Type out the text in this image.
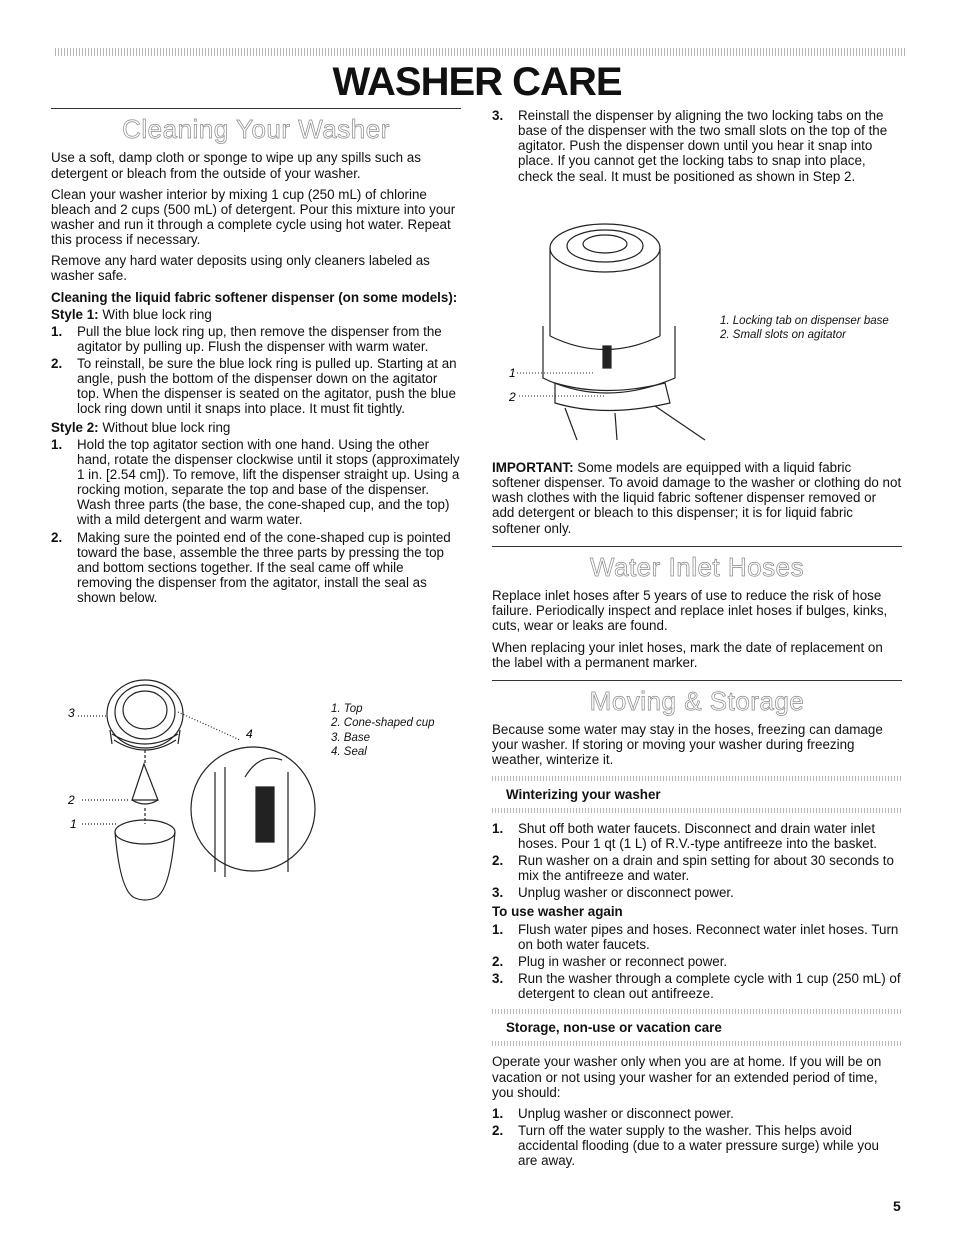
WASHER CARE
Cleaning Your Washer

Use a soft, damp cloth or sponge to wipe up any spills such as detergent or bleach from the outside of your washer.

Clean your washer interior by mixing 1 cup (250 mL) of chlorine bleach and 2 cups (500 mL) of detergent. Pour this mixture into your washer and run it through a complete cycle using hot water. Repeat this process if necessary.

Remove any hard water deposits using only cleaners labeled as washer safe.

Cleaning the liquid fabric softener dispenser (on some models):

Style 1: With blue lock ring
1.	Pull the blue lock ring up, then remove the dispenser from the agitator by pulling up. Flush the dispenser with warm water.
2.	To reinstall, be sure the blue lock ring is pulled up. Starting at an angle, push the bottom of the dispenser down on the agitator top. When the dispenser is seated on the agitator, push the blue lock ring down until it snaps into place. It must fit tightly.
Style 2: Without blue lock ring
1.	Hold the top agitator section with one hand. Using the other hand, rotate the dispenser clockwise until it stops (approximately 1 in. [2.54 cm]). To remove, lift the dispenser straight up. Using a rocking motion, separate the top and base of the dispenser. Wash three parts (the base, the cone-shaped cup, and the top) with a mild detergent and warm water.
2.	Making sure the pointed end of the cone-shaped cup is pointed toward the base, assemble the three parts by pressing the top and bottom sections together. If the seal came off while removing the dispenser from the agitator, install the seal as shown below.
3
4
2
1
1. Top
2. Cone-shaped cup
3. Base
4. Seal
3.	Reinstall the dispenser by aligning the two locking tabs on the base of the dispenser with the two small slots on the top of the agitator. Push the dispenser down until you hear it snap into place. If you cannot get the locking tabs to snap into place, check the seal. It must be positioned as shown in Step 2.
1
2
1. Locking tab on dispenser base
2. Small slots on agitator

IMPORTANT: Some models are equipped with a liquid fabric softener dispenser. To avoid damage to the washer or clothing do not wash clothes with the liquid fabric softener dispenser removed or add detergent or bleach to this dispenser; it is for liquid fabric softener only.

Water Inlet Hoses

Replace inlet hoses after 5 years of use to reduce the risk of hose failure. Periodically inspect and replace inlet hoses if bulges, kinks, cuts, wear or leaks are found.

When replacing your inlet hoses, mark the date of replacement on the label with a permanent marker.

Moving & Storage

Because some water may stay in the hoses, freezing can damage your washer. If storing or moving your washer during freezing weather, winterize it.

Winterizing your washer
1.	Shut off both water faucets. Disconnect and drain water inlet hoses. Pour 1 qt (1 L) of R.V.-type antifreeze into the basket.
2.	Run washer on a drain and spin setting for about 30 seconds to mix the antifreeze and water.
3.	Unplug washer or disconnect power.
To use washer again
1.	Flush water pipes and hoses. Reconnect water inlet hoses. Turn on both water faucets.
2.	Plug in washer or reconnect power.
3.	Run the washer through a complete cycle with 1 cup (250 mL) of detergent to clean out antifreeze.
Storage, non-use or vacation care

Operate your washer only when you are at home. If you will be on vacation or not using your washer for an extended period of time, you should:

1.	Unplug washer or disconnect power.
2.	Turn off the water supply to the washer. This helps avoid accidental flooding (due to a water pressure surge) while you are away.
5
